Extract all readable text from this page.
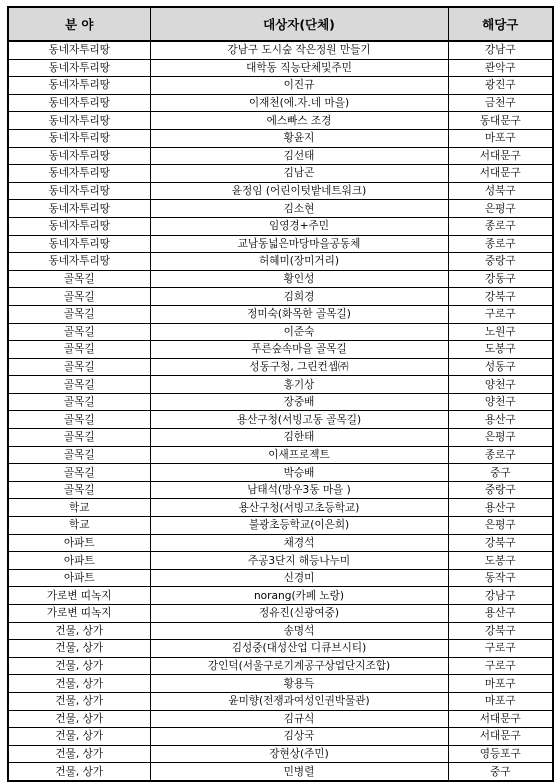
분 야	대상자(단체)	해당구
동네자투리땅	강남구 도시숲 작은정원 만들기	강남구
동네자투리땅	대학동 직능단체및주민	관악구
동네자투리땅	이진규	광진구
동네자투리땅	이재천(에.자.네 마을)	금천구
동네자투리땅	에스빠스 조경	동대문구
동네자투리땅	황윤지	마포구
동네자투리땅	김선태	서대문구
동네자투리땅	김남곤	서대문구
동네자투리땅	윤정임 (어린이텃밭네트워크)	성북구
동네자투리땅	김소현	은평구
동네자투리땅	임영경+주민	종로구
동네자투리땅	교남동넓은마당마을공동체	종로구
동네자투리땅	허혜미(장미거리)	중랑구
골목길	황인성	강동구
골목길	김희경	강북구
골목길	정미숙(화목한 골목길)	구로구
골목길	이준숙	노원구
골목길	푸른숲속마을 골목길	도봉구
골목길	성동구청, 그린컨셉㈜	성동구
골목길	홍기상	양천구
골목길	장중배	양천구
골목길	용산구청(서빙고동 골목길)	용산구
골목길	김한태	은평구
골목길	이새프로젝트	종로구
골목길	박승배	중구
골목길	남태석(망우3동 마을 )	중랑구
학교	용산구청(서빙고초등학교)	용산구
학교	불광초등학교(이은희)	은평구
아파트	채경석	강북구
아파트	주공3단지 해등나누미	도봉구
아파트	신경미	동작구
가로변 띠녹지	norang(카페 노랑)	강남구
가로변 띠녹지	정유진(신광여중)	용산구
건물, 상가	송명석	강북구
건물, 상가	김성중(대성산업 디큐브시티)	구로구
건물, 상가	강인덕(서울구로기계공구상업단지조합)	구로구
건물, 상가	황용득	마포구
건물, 상가	윤미향(전쟁과여성인권박물관)	마포구
건물, 상가	김규식	서대문구
건물, 상가	김상국	서대문구
건물, 상가	장현상(주민)	영등포구
건물, 상가	민병렬	중구
